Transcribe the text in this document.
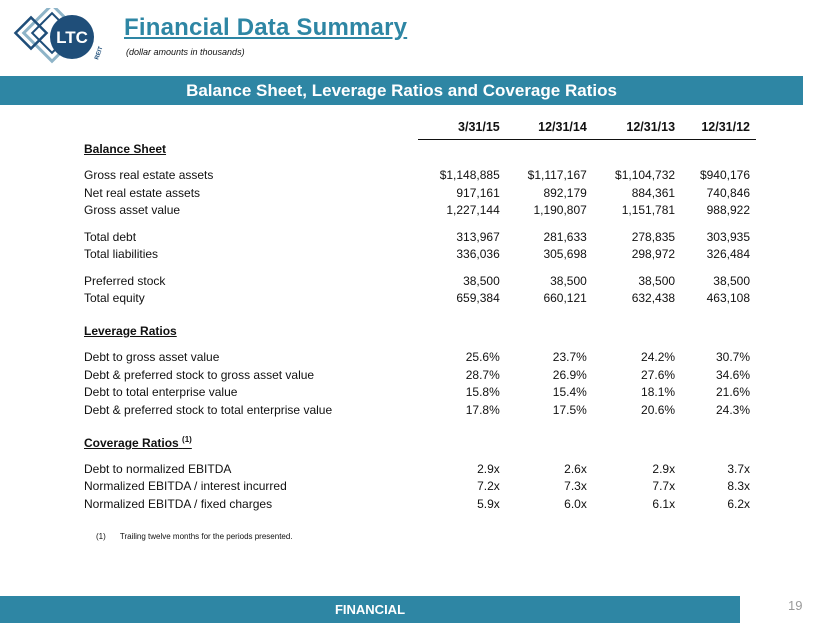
LTC
REIT
Financial Data Summary
(dollar amounts in thousands)
Balance Sheet, Leverage Ratios and Coverage Ratios
	3/31/15	12/31/14	12/31/13	12/31/12
Balance Sheet				

Gross real estate assets	$1,148,885	$1,117,167	$1,104,732	$940,176
Net real estate assets	917,161	892,179	884,361	740,846
Gross asset value	1,227,144	1,190,807	1,151,781	988,922

Total debt	313,967	281,633	278,835	303,935
Total liabilities	336,036	305,698	298,972	326,484

Preferred stock	38,500	38,500	38,500	38,500
Total equity	659,384	660,121	632,438	463,108

Leverage Ratios				

Debt to gross asset value	25.6%	23.7%	24.2%	30.7%
Debt & preferred stock to gross asset value	28.7%	26.9%	27.6%	34.6%
Debt to total enterprise value	15.8%	15.4%	18.1%	21.6%
Debt & preferred stock to total enterprise value	17.8%	17.5%	20.6%	24.3%

Coverage Ratios $^{(1)}$				

Debt to normalized EBITDA	2.9x	2.6x	2.9x	3.7x
Normalized EBITDA / interest incurred	7.2x	7.3x	7.7x	8.3x
Normalized EBITDA / fixed charges	5.9x	6.0x	6.1x	6.2x
(1) Trailing twelve months for the periods presented.
FINANCIAL	19
